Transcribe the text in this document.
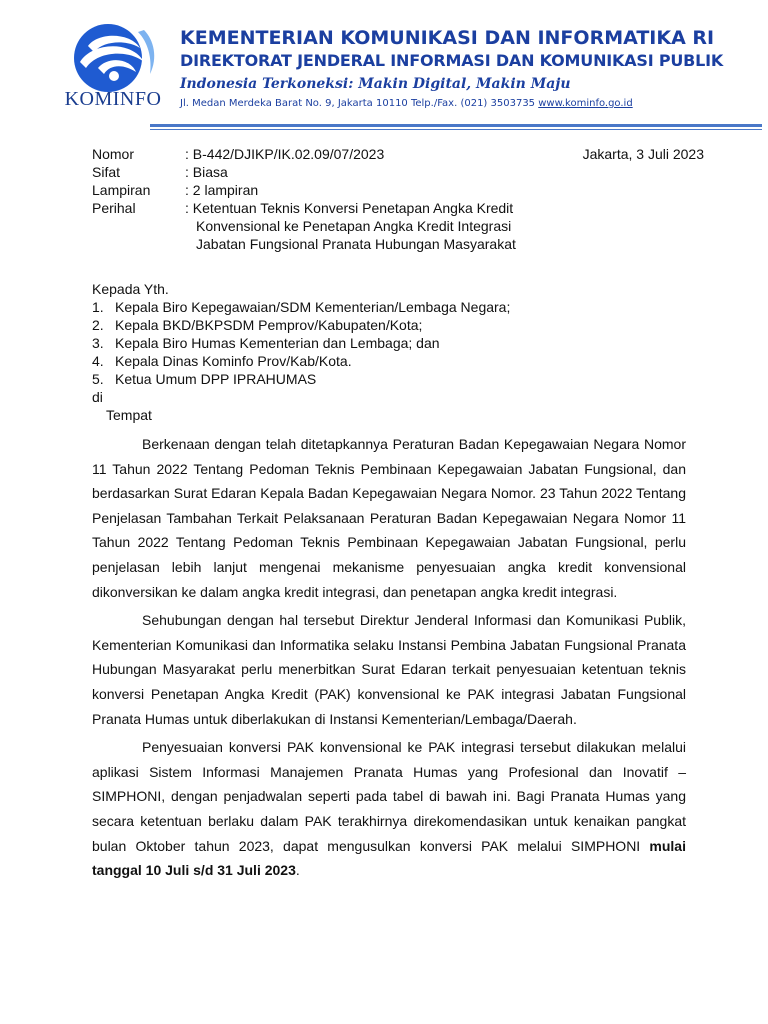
KOMINFO
KEMENTERIAN KOMUNIKASI DAN INFORMATIKA RI
DIREKTORAT JENDERAL INFORMASI DAN KOMUNIKASI PUBLIK
Indonesia Terkoneksi: Makin Digital, Makin Maju
Jl. Medan Merdeka Barat No. 9, Jakarta 10110 Telp./Fax. (021) 3503735 www.kominfo.go.id
Nomor	: B-442/DJIKP/IK.02.09/07/2023	Jakarta, 3 Juli 2023
Sifat	: Biasa
Lampiran : 2 lampiran
Perihal	: Ketentuan Teknis Konversi Penetapan Angka Kredit
Konvensional ke Penetapan Angka Kredit Integrasi
Jabatan Fungsional Pranata Hubungan Masyarakat
Kepada Yth.
1. Kepala Biro Kepegawaian/SDM Kementerian/Lembaga Negara;
2. Kepala BKD/BKPSDM Pemprov/Kabupaten/Kota;
3. Kepala Biro Humas Kementerian dan Lembaga; dan
4. Kepala Dinas Kominfo Prov/Kab/Kota.
5. Ketua Umum DPP IPRAHUMAS
di
Tempat

Berkenaan dengan telah ditetapkannya Peraturan Badan Kepegawaian Negara Nomor 11 Tahun 2022 Tentang Pedoman Teknis Pembinaan Kepegawaian Jabatan Fungsional, dan berdasarkan Surat Edaran Kepala Badan Kepegawaian Negara Nomor. 23 Tahun 2022 Tentang Penjelasan Tambahan Terkait Pelaksanaan Peraturan Badan Kepegawaian Negara Nomor 11 Tahun 2022 Tentang Pedoman Teknis Pembinaan Kepegawaian Jabatan Fungsional, perlu penjelasan lebih lanjut mengenai mekanisme penyesuaian angka kredit konvensional dikonversikan ke dalam angka kredit integrasi, dan penetapan angka kredit integrasi.

Sehubungan dengan hal tersebut Direktur Jenderal Informasi dan Komunikasi Publik, Kementerian Komunikasi dan Informatika selaku Instansi Pembina Jabatan Fungsional Pranata Hubungan Masyarakat perlu menerbitkan Surat Edaran terkait penyesuaian ketentuan teknis konversi Penetapan Angka Kredit (PAK) konvensional ke PAK integrasi Jabatan Fungsional Pranata Humas untuk diberlakukan di Instansi Kementerian/Lembaga/Daerah.

Penyesuaian konversi PAK konvensional ke PAK integrasi tersebut dilakukan melalui aplikasi Sistem Informasi Manajemen Pranata Humas yang Profesional dan Inovatif – SIMPHONI, dengan penjadwalan seperti pada tabel di bawah ini. Bagi Pranata Humas yang secara ketentuan berlaku dalam PAK terakhirnya direkomendasikan untuk kenaikan pangkat bulan Oktober tahun 2023, dapat mengusulkan konversi PAK melalui SIMPHONI mulai tanggal 10 Juli s/d 31 Juli 2023.
